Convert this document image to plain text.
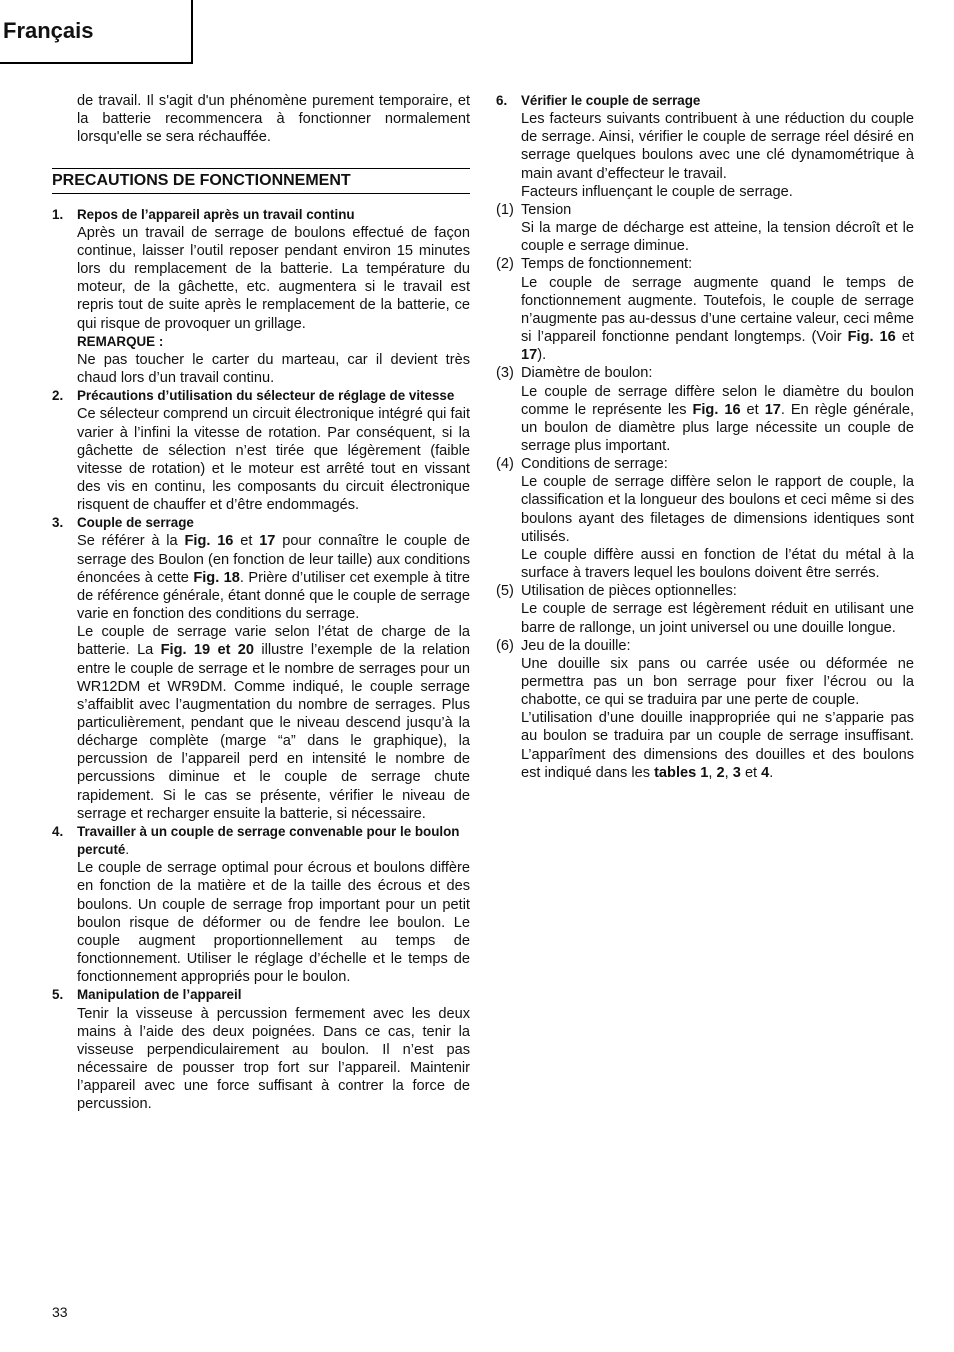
Français

de travail. Il s'agit d'un phénomène purement temporaire, et la batterie recommencera à fonctionner normalement lorsqu'elle se sera réchauffée.

PRECAUTIONS DE FONCTIONNEMENT
1. Repos de l’appareil après un travail continu

Après un travail de serrage de boulons effectué de façon continue, laisser l’outil reposer pendant environ 15 minutes lors du remplacement de la batterie. La température du moteur, de la gâchette, etc. augmentera si le travail est repris tout de suite après le remplacement de la batterie, ce qui risque de provoquer un grillage.

REMARQUE :

Ne pas toucher le carter du marteau, car il devient très chaud lors d’un travail continu.

2. Précautions d’utilisation du sélecteur de réglage de vitesse

Ce sélecteur comprend un circuit électronique intégré qui fait varier à l’infini la vitesse de rotation. Par conséquent, si la gâchette de sélection n’est tirée que légèrement (faible vitesse de rotation) et le moteur est arrêté tout en vissant des vis en continu, les composants du circuit électronique risquent de chauffer et d’être endommagés.

3. Couple de serrage

Se référer à la Fig. 16 et 17 pour connaître le couple de serrage des Boulon (en fonction de leur taille) aux conditions énoncées à cette Fig. 18. Prière d’utiliser cet exemple à titre de référence générale, étant donné que le couple de serrage varie en fonction des conditions du serrage.

Le couple de serrage varie selon l’état de charge de la batterie. La Fig. 19 et 20 illustre l’exemple de la relation entre le couple de serrage et le nombre de serrages pour un WR12DM et WR9DM. Comme indiqué, le couple serrage s’affaiblit avec l’augmentation du nombre de serrages. Plus particulièrement, pendant que le niveau descend jusqu’à la décharge complète (marge “a” dans le graphique), la percussion de l’appareil perd en intensité le nombre de percussions diminue et le couple de serrage chute rapidement. Si le cas se présente, vérifier le niveau de serrage et recharger ensuite la batterie, si nécessaire.

4. Travailler à un couple de serrage convenable pour le boulon percuté.

Le couple de serrage optimal pour écrous et boulons diffère en fonction de la matière et de la taille des écrous et des boulons. Un couple de serrage frop important pour un petit boulon risque de déformer ou de fendre lee boulon. Le couple augment proportionnellement au temps de fonctionnement. Utiliser le réglage d’échelle et le temps de fonctionnement appropriés pour le boulon.

5. Manipulation de l’appareil

Tenir la visseuse à percussion fermement avec les deux mains à l’aide des deux poignées. Dans ce cas, tenir la visseuse perpendiculairement au boulon. Il n’est pas nécessaire de pousser trop fort sur l’appareil. Maintenir l’appareil avec une force suffisant à contrer la force de percussion.

6. Vérifier le couple de serrage

Les facteurs suivants contribuent à une réduction du couple de serrage. Ainsi, vérifier le couple de serrage réel désiré en serrage quelques boulons avec une clé dynamométrique à main avant d’effecteur le travail.

Facteurs influençant le couple de serrage.

(1) Tension

Si la marge de décharge est atteine, la tension décroît et le couple e serrage diminue.

(2) Temps de fonctionnement:

Le couple de serrage augmente quand le temps de fonctionnement augmente. Toutefois, le couple de serrage n’augmente pas au-dessus d’une certaine valeur, ceci même si l’appareil fonctionne pendant longtemps. (Voir Fig. 16 et 17).

(3) Diamètre de boulon:

Le couple de serrage diffère selon le diamètre du boulon comme le représente les Fig. 16 et 17. En règle générale, un boulon de diamètre plus large nécessite un couple de serrage plus important.

(4) Conditions de serrage:

Le couple de serrage diffère selon le rapport de couple, la classification et la longueur des boulons et ceci même si des boulons ayant des filetages de dimensions identiques sont utilisés.

Le couple diffère aussi en fonction de l’état du métal à la surface à travers lequel les boulons doivent être serrés.

(5) Utilisation de pièces optionnelles:

Le couple de serrage est légèrement réduit en utilisant une barre de rallonge, un joint universel ou une douille longue.

(6) Jeu de la douille:

Une douille six pans ou carrée usée ou déformée ne permettra pas un bon serrage pour fixer l’écrou ou la chabotte, ce qui se traduira par une perte de couple.

L’utilisation d’une douille inappropriée qui ne s’apparie pas au boulon se traduira par un couple de serrage insuffisant. L’apparîment des dimensions des douilles et des boulons est indiqué dans les tables 1, 2, 3 et 4.

33
